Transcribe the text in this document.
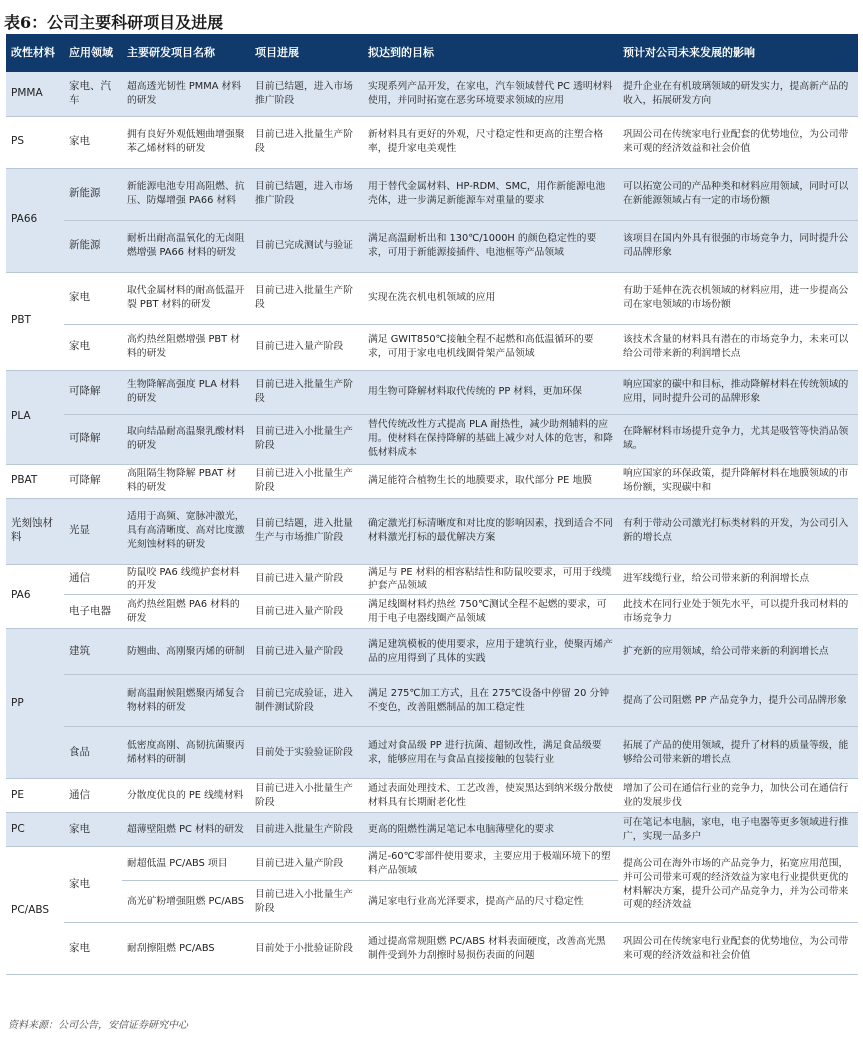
表6：公司主要科研项目及进展
改性材料	应用领域	主要研发项目名称	项目进展	拟达到的目标	预计对公司未来发展的影响
PMMA	家电、汽车	超高透光韧性 PMMA 材料的研发	目前已结题，进入市场推广阶段	实现系列产品开发，在家电，汽车领域替代 PC 透明材料使用，并同时拓宽在恶劣环境要求领域的应用	提升企业在有机玻璃领域的研发实力，提高新产品的收入，拓展研发方向
PS	家电	拥有良好外观低翘曲增强聚苯乙烯材料的研发	目前已进入批量生产阶段	新材料具有更好的外观，尺寸稳定性和更高的注塑合格率，提升家电美观性	巩固公司在传统家电行业配套的优势地位，为公司带来可观的经济效益和社会价值
PA66	新能源	新能源电池专用高阻燃、抗压、防爆增强 PA66 材料	目前已结题，进入市场推广阶段	用于替代金属材料、HP-RDM、SMC，用作新能源电池壳体，进一步满足新能源车对重量的要求	可以拓宽公司的产品种类和材料应用领域，同时可以在新能源领域占有一定的市场份额
	新能源	耐析出耐高温氧化的无卤阻燃增强 PA66 材料的研发	目前已完成测试与验证	满足高温耐析出和 130℃/1000H 的颜色稳定性的要求，可用于新能源接插件、电池框等产品领域	该项目在国内外具有很强的市场竞争力，同时提升公司品牌形象
PBT	家电	取代金属材料的耐高低温开裂 PBT 材料的研发	目前已进入批量生产阶段	实现在洗衣机电机领域的应用	有助于延伸在洗衣机领域的材料应用，进一步提高公司在家电领域的市场份额
	家电	高灼热丝阻燃增强 PBT 材料的研发	目前已进入量产阶段	满足 GWIT850℃接触全程不起燃和高低温循环的要求，可用于家电电机线圈骨架产品领域	该技术含量的材料具有潜在的市场竞争力，未来可以给公司带来新的利润增长点
PLA	可降解	生物降解高强度 PLA 材料的研发	目前已进入批量生产阶段	用生物可降解材料取代传统的 PP 材料，更加环保	响应国家的碳中和目标，推动降解材料在传统领域的应用，同时提升公司的品牌形象
	可降解	取向结晶耐高温聚乳酸材料的研发	目前已进入小批量生产阶段	替代传统改性方式提高 PLA 耐热性，减少助剂辅料的应用。使材料在保持降解的基础上减少对人体的危害，和降低材料成本	在降解材料市场提升竞争力，尤其是吸管等快消品领域。
PBAT	可降解	高阻隔生物降解 PBAT 材料的研发	目前已进入小批量生产阶段	满足能符合植物生长的地膜要求，取代部分 PE 地膜	响应国家的环保政策，提升降解材料在地膜领域的市场份额，实现碳中和
光刻蚀材料	光显	适用于高频、宽脉冲激光，具有高清晰度、高对比度激光刻蚀材料的研发	目前已结题，进入批量生产与市场推广阶段	确定激光打标清晰度和对比度的影响因素，找到适合不同材料激光打标的最优解决方案	有利于带动公司激光打标类材料的开发，为公司引入新的增长点
PA6	通信	防鼠咬 PA6 线缆护套材料的开发	目前已进入量产阶段	满足与 PE 材料的相容粘结性和防鼠咬要求，可用于线缆护套产品领域	进军线缆行业，给公司带来新的利润增长点
	电子电器	高灼热丝阻燃 PA6 材料的研发	目前已进入量产阶段	满足线圈材料灼热丝 750℃测试全程不起燃的要求，可用于电子电器线圈产品领域	此技术在同行业处于领先水平，可以提升我司材料的市场竞争力
PP	建筑	防翘曲、高刚聚丙烯的研制	目前已进入量产阶段	满足建筑模板的使用要求，应用于建筑行业，使聚丙烯产品的应用得到了具体的实践	扩充新的应用领域，给公司带来新的利润增长点
		耐高温耐候阻燃聚丙烯复合物材料的研发	目前已完成验证，进入制件测试阶段	满足 275℃加工方式，且在 275℃设备中停留 20 分钟不变色，改善阻燃制品的加工稳定性	提高了公司阻燃 PP 产品竞争力，提升公司品牌形象
	食品	低密度高刚、高韧抗菌聚丙烯材料的研制	目前处于实验验证阶段	通过对食品级 PP 进行抗菌、超韧改性，满足食品级要求，能够应用在与食品直接接触的包装行业	拓展了产品的使用领域，提升了材料的质量等级，能够给公司带来新的增长点
PE	通信	分散度优良的 PE 线缆材料	目前已进入小批量生产阶段	通过表面处理技术、工艺改善，使炭黑达到纳米级分散使材料具有长期耐老化性	增加了公司在通信行业的竞争力，加快公司在通信行业的发展步伐
PC	家电	超薄壁阻燃 PC 材料的研发	目前进入批量生产阶段	更高的阻燃性满足笔记本电脑薄壁化的要求	可在笔记本电脑，家电，电子电器等更多领域进行推广，实现一品多户
PC/ABS	家电	耐超低温 PC/ABS 项目	目前已进入量产阶段	满足-60℃零部件使用要求，主要应用于极端环境下的塑料产品领域	提高公司在海外市场的产品竞争力，拓宽应用范围，并可公司带来可观的经济效益为家电行业提供更优的材料解决方案，提升公司产品竞争力，并为公司带来可观的经济效益
		高光矿粉增强阻燃 PC/ABS	目前已进入小批量生产阶段	满足家电行业高光泽要求，提高产品的尺寸稳定性	
	家电	耐刮擦阻燃 PC/ABS	目前处于小批验证阶段	通过提高常规阻燃 PC/ABS 材料表面硬度，改善高光黑制件受到外力刮擦时易损伤表面的问题	巩固公司在传统家电行业配套的优势地位，为公司带来可观的经济效益和社会价值
资料来源：公司公告，安信证券研究中心
